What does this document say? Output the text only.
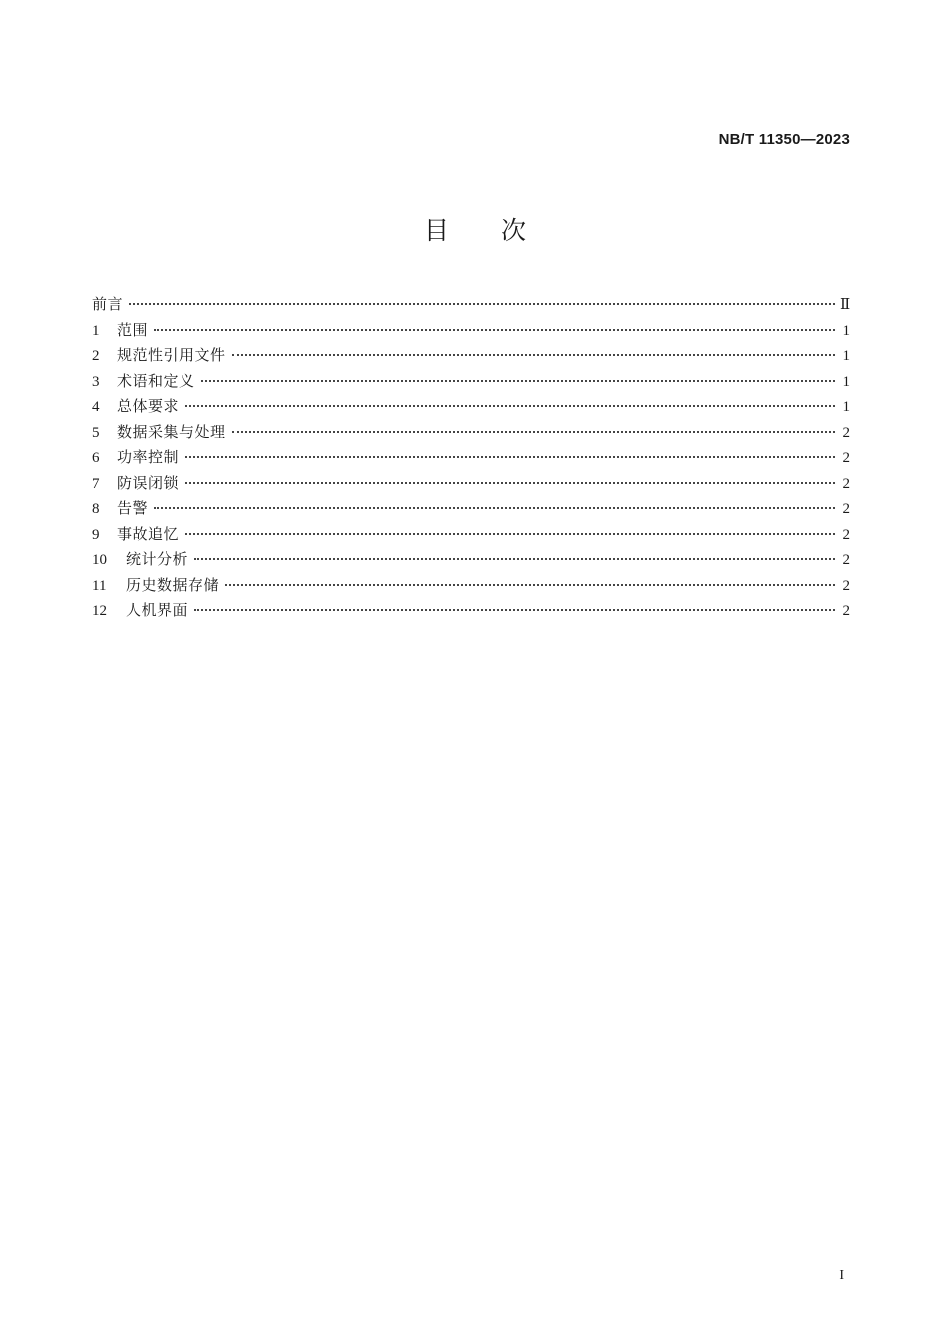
NB/T 11350—2023
目次
前言	Ⅱ
1	范围	1
2	规范性引用文件	1
3	术语和定义	1
4	总体要求	1
5	数据采集与处理	2
6	功率控制	2
7	防误闭锁	2
8	告警	2
9	事故追忆	2
10	统计分析	2
11	历史数据存储	2
12	人机界面	2
I
